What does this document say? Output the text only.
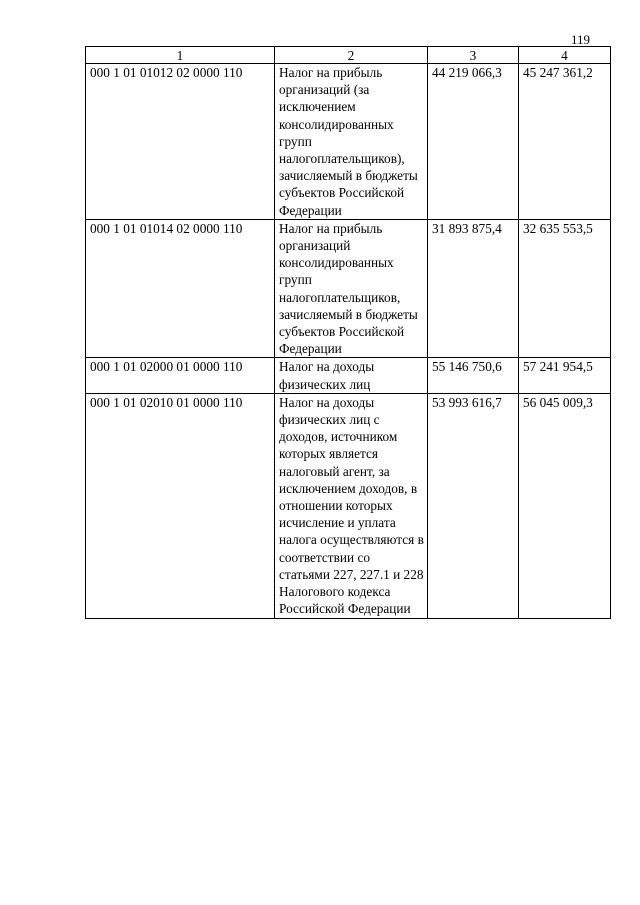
119
1	2	3	4
000 1 01 01012 02 0000 110	Налог на прибыль организаций (за исключением консолидированных групп налогоплательщиков), зачисляемый в бюджеты субъектов Российской Федерации	44 219 066,3	45 247 361,2
000 1 01 01014 02 0000 110	Налог на прибыль организаций консолидированных групп налогоплательщиков, зачисляемый в бюджеты субъектов Российской Федерации	31 893 875,4	32 635 553,5
000 1 01 02000 01 0000 110	Налог на доходы физических лиц	55 146 750,6	57 241 954,5
000 1 01 02010 01 0000 110	Налог на доходы физических лиц с доходов, источником которых является налоговый агент, за исключением доходов, в отношении которых исчисление и уплата налога осуществляются в соответствии со статьями 227, 227.1 и 228 Налогового кодекса Российской Федерации	53 993 616,7	56 045 009,3
